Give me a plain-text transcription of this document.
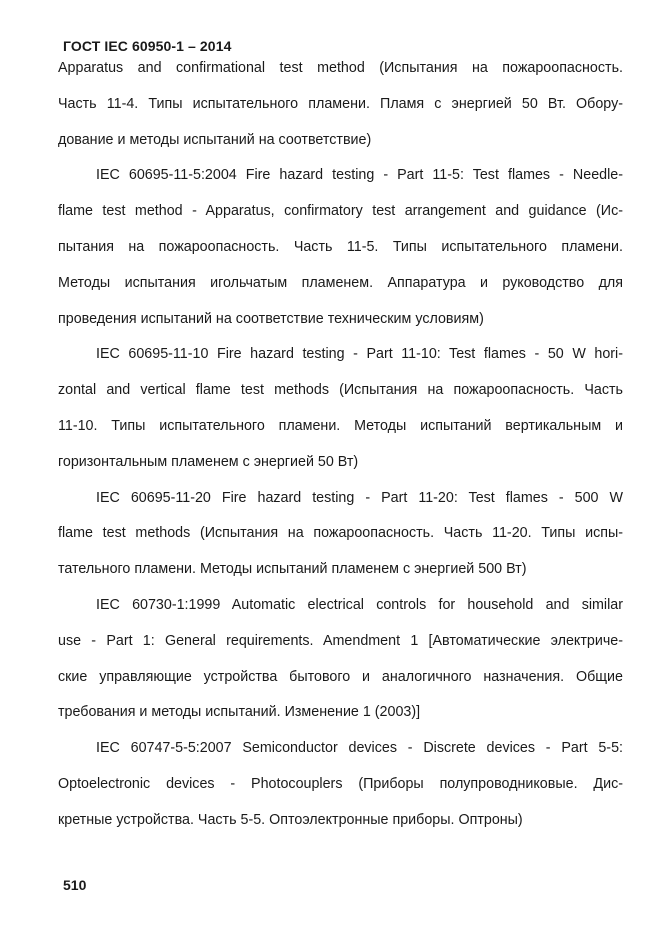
ГОСТ IEC 60950-1 – 2014
Apparatus and confirmational test method (Испытания на пожароопасность.
Часть 11-4. Типы испытательного пламени. Пламя с энергией 50 Вт. Обору-
дование и методы испытаний на соответствие)
IEC 60695-11-5:2004 Fire hazard testing - Part 11-5: Test flames - Needle-
flame test method - Apparatus, confirmatory test arrangement and guidance (Ис-
пытания на пожароопасность. Часть 11-5. Типы испытательного пламени.
Методы испытания игольчатым пламенем. Аппаратура и руководство для
проведения испытаний на соответствие техническим условиям)
IEC 60695-11-10 Fire hazard testing - Part 11-10: Test flames - 50 W hori-
zontal and vertical flame test methods (Испытания на пожароопасность. Часть
11-10. Типы испытательного пламени. Методы испытаний вертикальным и
горизонтальным пламенем с энергией 50 Вт)
IEC 60695-11-20 Fire hazard testing - Part 11-20: Test flames - 500 W
flame test methods (Испытания на пожароопасность. Часть 11-20. Типы испы-
тательного пламени. Методы испытаний пламенем с энергией 500 Вт)
IEC 60730-1:1999 Automatic electrical controls for household and similar
use - Part 1: General requirements. Amendment 1 [Автоматические электриче-
ские управляющие устройства бытового и аналогичного назначения. Общие
требования и методы испытаний. Изменение 1 (2003)]
IEC 60747-5-5:2007 Semiconductor devices - Discrete devices - Part 5-5:
Optoelectronic devices - Photocouplers (Приборы полупроводниковые. Дис-
кретные устройства. Часть 5-5. Оптоэлектронные приборы. Оптроны)
510
